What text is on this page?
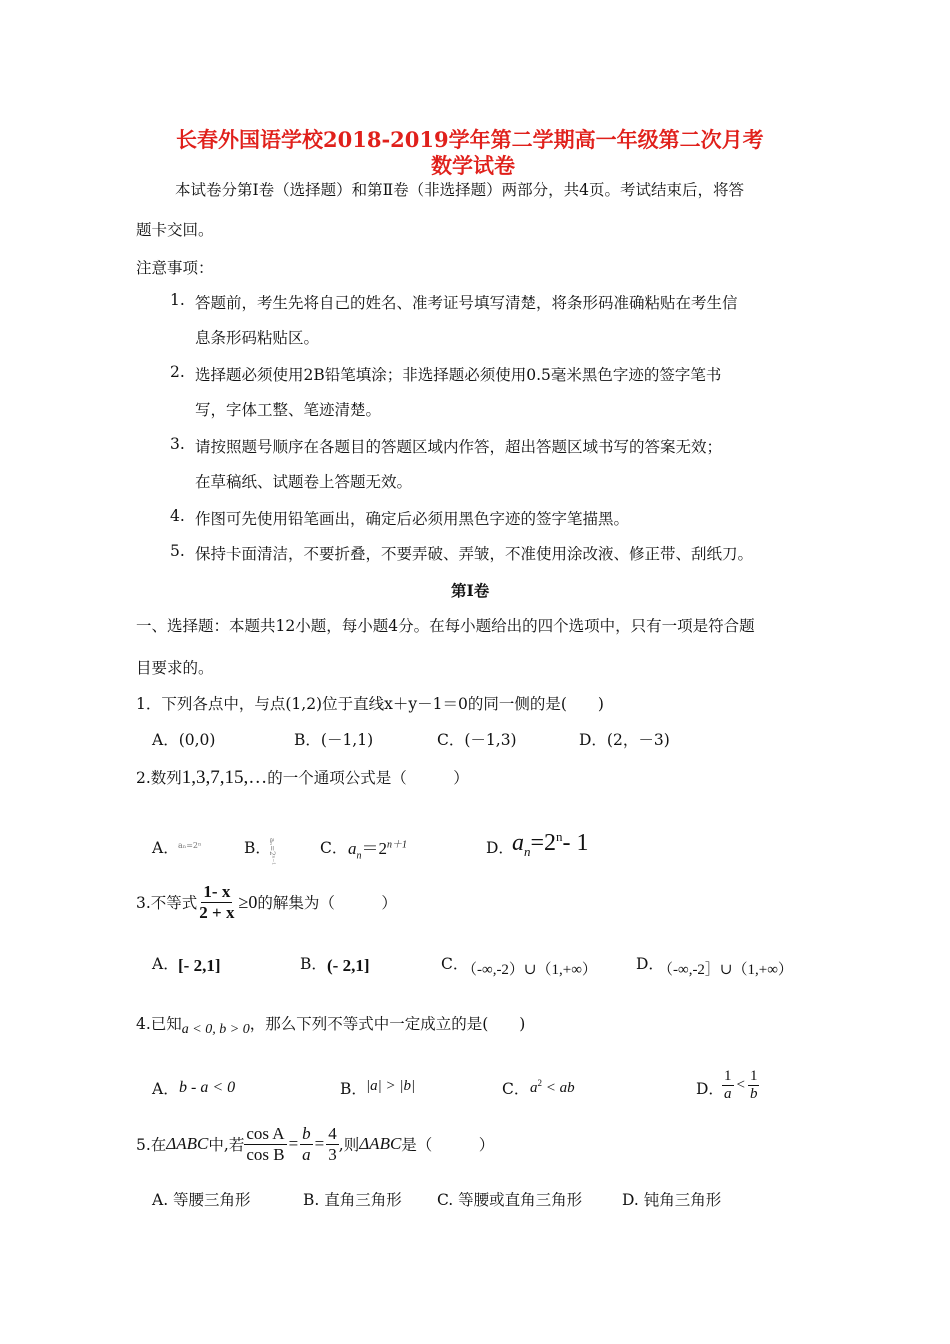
长春外国语学校2018-2019学年第二学期高一年级第二次月考
数学试卷
本试卷分第Ⅰ卷（选择题）和第Ⅱ卷（非选择题）两部分，共4页。考试结束后，将答
题卡交回。
注意事项：
1. 答题前，考生先将自己的姓名、准考证号填写清楚，将条形码准确粘贴在考生信
息条形码粘贴区。
2. 选择题必须使用2B铅笔填涂；非选择题必须使用0.5毫米黑色字迹的签字笔书
写，字体工整、笔迹清楚。
3. 请按照题号顺序在各题目的答题区域内作答，超出答题区域书写的答案无效；
在草稿纸、试题卷上答题无效。
4. 作图可先使用铅笔画出，确定后必须用黑色字迹的签字笔描黑。
5. 保持卡面清洁，不要折叠，不要弄破、弄皱，不准使用涂改液、修正带、刮纸刀。
第Ⅰ卷
一、选择题：本题共12小题，每小题4分。在每小题给出的四个选项中，只有一项是符合题
目要求的。
1．下列各点中，与点(1,2)位于直线x＋y－1＝0的同一侧的是(　　)
A．(0,0)	B．(－1,1)	C．(－1,3)	D．(2，－3)
2.数列1,3,7,15,…的一个通项公式是（　　　）
A． aₙ=2ⁿ	B．
aₙ=2ⁿ⁻¹	C． $a_n=2^{n+1}$	D．
$a_n=2^n-$ 1
3.不等式 $\frac{1- x}{2 + x} \ge 0$ 的解集为（　　　）
A． [- 2,1]	B． (- 2,1]	C．
（-∞,-2）∪（1,+∞）	D．
（-∞,-2］∪（1,+∞）
4.已知a < 0, b > 0，那么下列不等式中一定成立的是(　　)
A． b - a < 0	B． |a| > |b|	C． $a^2$ < ab	D．
$\frac{1}{a} < \frac{1}{b}$
5.在 ΔABC 中,若 $\frac{\text{cos A}}{\text{cos B}} = \frac{b}{a} = \frac{4}{3}$ ,则 ΔABC 是（　　　）
A. 等腰三角形	B. 直角三角形 C. 等腰或直角三角形	D. 钝角三角形
